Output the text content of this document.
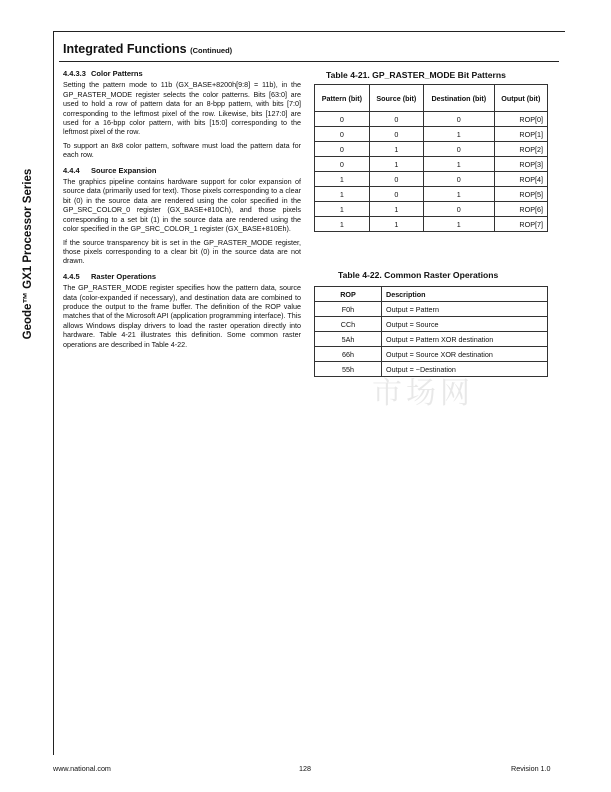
Geode™ GX1 Processor Series
Integrated Functions (Continued)
4.4.3.3 Color Patterns

Setting the pattern mode to 11b (GX_BASE+8200h[9:8] = 11b), in the GP_RASTER_MODE register selects the color patterns. Bits [63:0] are used to hold a row of pattern data for an 8-bpp pattern, with bits [7:0] corresponding to the leftmost pixel of the row. Likewise, bits [127:0] are used for a 16-bpp color pattern, with bits [15:0] corresponding to the leftmost pixel of the row.

To support an 8x8 color pattern, software must load the pattern data for each row.

4.4.4 Source Expansion

The graphics pipeline contains hardware support for color expansion of source data (primarily used for text). Those pixels corresponding to a clear bit (0) in the source data are rendered using the color specified in the GP_SRC_COLOR_0 register (GX_BASE+810Ch), and those pixels corresponding to a set bit (1) in the source data are rendered using the color specified in the GP_SRC_COLOR_1 register (GX_BASE+810Eh).

If the source transparency bit is set in the GP_RASTER_MODE register, those pixels corresponding to a clear bit (0) in the source data are not drawn.

4.4.5 Raster Operations

The GP_RASTER_MODE register specifies how the pattern data, source data (color-expanded if necessary), and destination data are combined to produce the output to the frame buffer. The definition of the ROP value matches that of the Microsoft API (application programming interface). This allows Windows display drivers to load the raster operation directly into hardware. Table 4-21 illustrates this definition. Some common raster operations are described in Table 4-22.

Table 4-21. GP_RASTER_MODE Bit Patterns
Pattern (bit)	Source (bit)	Destination (bit)	Output (bit)
0	0	0	ROP[0]
0	0	1	ROP[1]
0	1	0	ROP[2]
0	1	1	ROP[3]
1	0	0	ROP[4]
1	0	1	ROP[5]
1	1	0	ROP[6]
1	1	1	ROP[7]
Table 4-22. Common Raster Operations
ROP	Description
F0h	Output = Pattern
CCh	Output = Source
5Ah	Output = Pattern XOR destination
66h	Output = Source XOR destination
55h	Output = ~Destination
市场网
www.national.com	128	Revision 1.0
